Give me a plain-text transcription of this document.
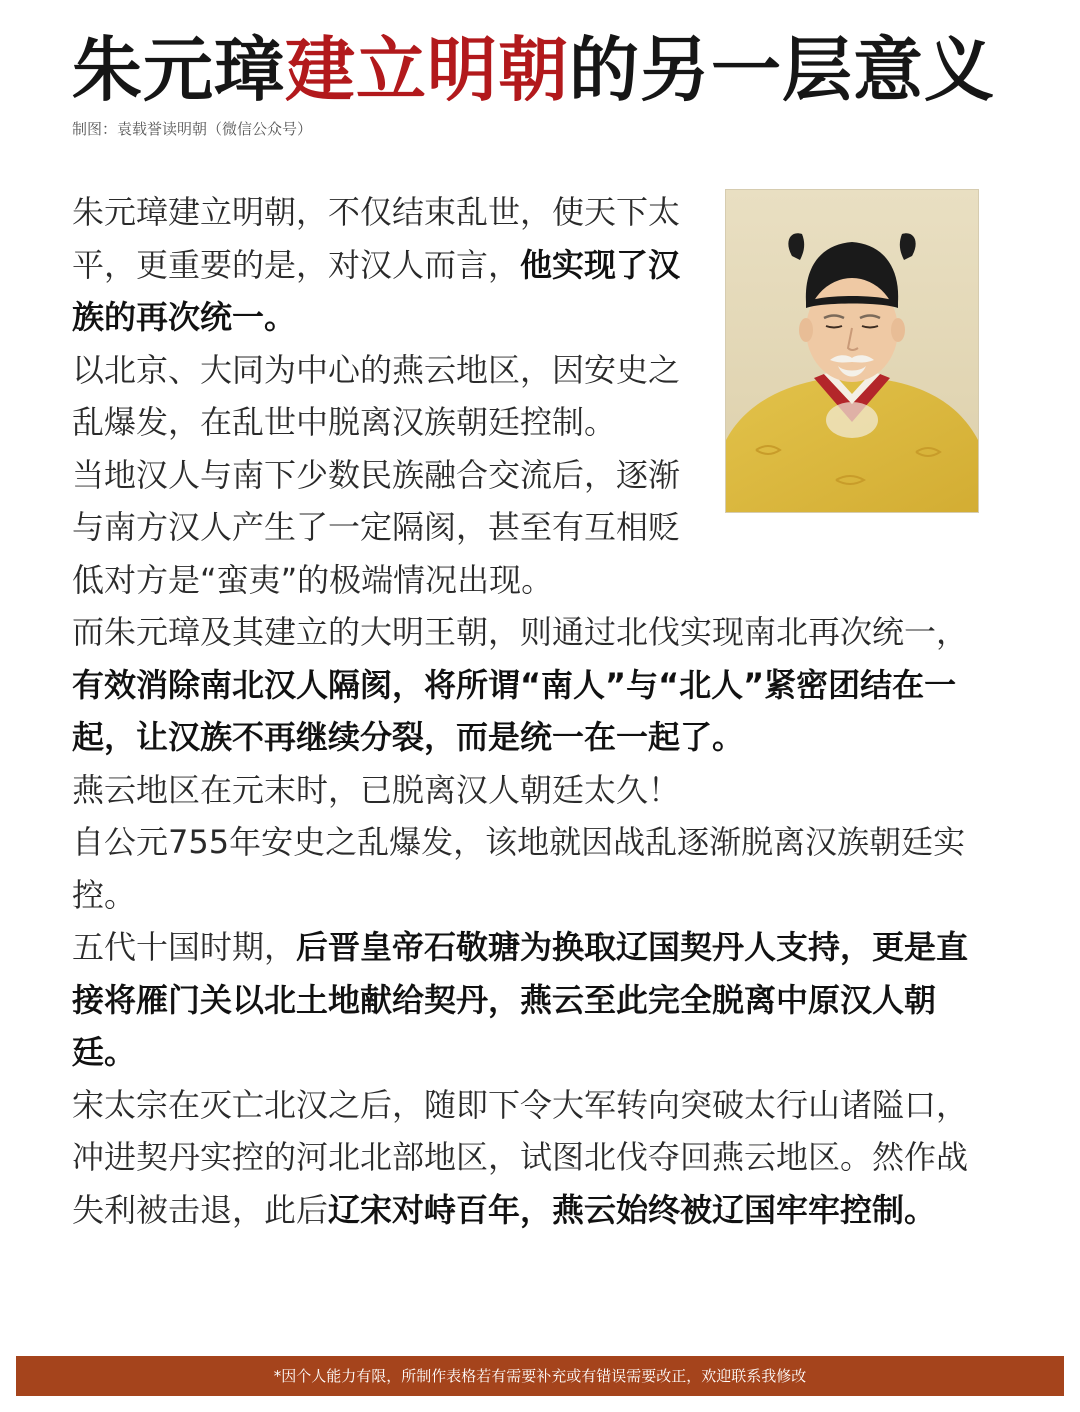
朱元璋建立明朝的另一层意义
制图：袁载誉读明朝（微信公众号）

朱元璋建立明朝，不仅结束乱世，使天下太平，更重要的是，对汉人而言，他实现了汉族的再次统一。

以北京、大同为中心的燕云地区，因安史之乱爆发，在乱世中脱离汉族朝廷控制。

当地汉人与南下少数民族融合交流后，逐渐与南方汉人产生了一定隔阂，甚至有互相贬低对方是“蛮夷”的极端情况出现。

而朱元璋及其建立的大明王朝，则通过北伐实现南北再次统一，有效消除南北汉人隔阂，将所谓“南人”与“北人”紧密团结在一起，让汉族不再继续分裂，而是统一在一起了。

燕云地区在元末时，已脱离汉人朝廷太久！

自公元755年安史之乱爆发，该地就因战乱逐渐脱离汉族朝廷实控。

五代十国时期，后晋皇帝石敬瑭为换取辽国契丹人支持，更是直接将雁门关以北土地献给契丹，燕云至此完全脱离中原汉人朝廷。

宋太宗在灭亡北汉之后，随即下令大军转向突破太行山诸隘口，冲进契丹实控的河北北部地区，试图北伐夺回燕云地区。然作战失利被击退，此后辽宋对峙百年，燕云始终被辽国牢牢控制。

*因个人能力有限，所制作表格若有需要补充或有错误需要改正，欢迎联系我修改
